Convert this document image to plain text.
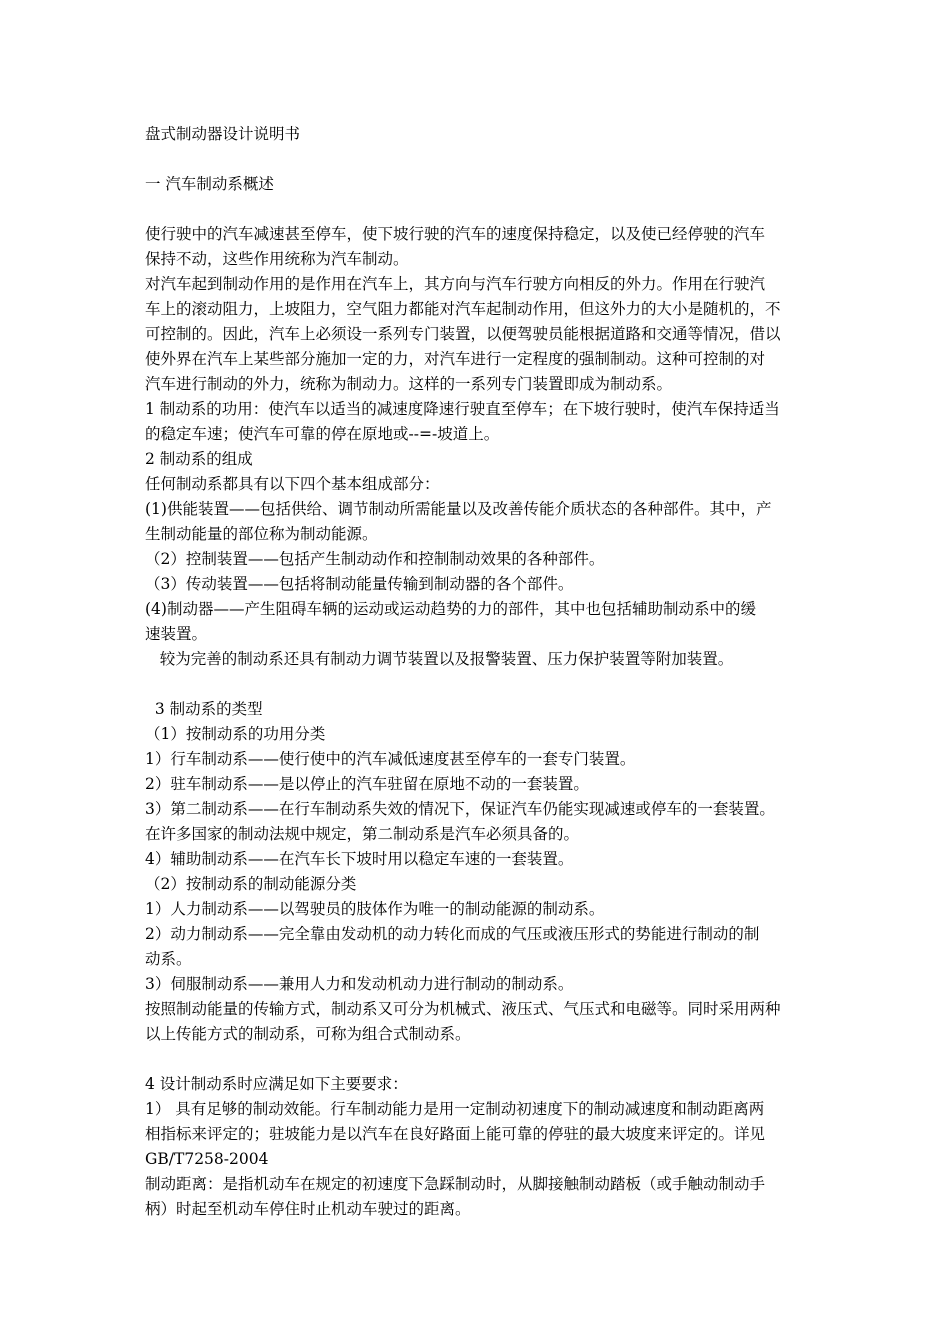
盘式制动器设计说明书
一 汽车制动系概述
使行驶中的汽车减速甚至停车，使下坡行驶的汽车的速度保持稳定，以及使已经停驶的汽车
保持不动，这些作用统称为汽车制动。
对汽车起到制动作用的是作用在汽车上，其方向与汽车行驶方向相反的外力。作用在行驶汽
车上的滚动阻力，上坡阻力，空气阻力都能对汽车起制动作用，但这外力的大小是随机的，不
可控制的。因此，汽车上必须设一系列专门装置，以便驾驶员能根据道路和交通等情况，借以
使外界在汽车上某些部分施加一定的力，对汽车进行一定程度的强制制动。这种可控制的对
汽车进行制动的外力，统称为制动力。这样的一系列专门装置即成为制动系。
1 制动系的功用：使汽车以适当的减速度降速行驶直至停车；在下坡行驶时，使汽车保持适当
的稳定车速；使汽车可靠的停在原地或--=-坡道上。
2 制动系的组成
任何制动系都具有以下四个基本组成部分：
(1)供能装置——包括供给、调节制动所需能量以及改善传能介质状态的各种部件。其中，产
生制动能量的部位称为制动能源。
（2）控制装置——包括产生制动动作和控制制动效果的各种部件。
（3）传动装置——包括将制动能量传输到制动器的各个部件。
(4)制动器——产生阻碍车辆的运动或运动趋势的力的部件，其中也包括辅助制动系中的缓
速装置。
较为完善的制动系还具有制动力调节装置以及报警装置、压力保护装置等附加装置。
3 制动系的类型
（1）按制动系的功用分类
1）行车制动系——使行使中的汽车减低速度甚至停车的一套专门装置。
2）驻车制动系——是以停止的汽车驻留在原地不动的一套装置。
3）第二制动系——在行车制动系失效的情况下，保证汽车仍能实现减速或停车的一套装置。
在许多国家的制动法规中规定，第二制动系是汽车必须具备的。
4）辅助制动系——在汽车长下坡时用以稳定车速的一套装置。
（2）按制动系的制动能源分类
1）人力制动系——以驾驶员的肢体作为唯一的制动能源的制动系。
2）动力制动系——完全靠由发动机的动力转化而成的气压或液压形式的势能进行制动的制
动系。
3）伺服制动系——兼用人力和发动机动力进行制动的制动系。
按照制动能量的传输方式，制动系又可分为机械式、液压式、气压式和电磁等。同时采用两种
以上传能方式的制动系，可称为组合式制动系。
4 设计制动系时应满足如下主要要求：
1） 具有足够的制动效能。行车制动能力是用一定制动初速度下的制动减速度和制动距离两
相指标来评定的；驻坡能力是以汽车在良好路面上能可靠的停驻的最大坡度来评定的。详见
GB/T7258-2004
制动距离：是指机动车在规定的初速度下急踩制动时，从脚接触制动踏板（或手触动制动手
柄）时起至机动车停住时止机动车驶过的距离。
